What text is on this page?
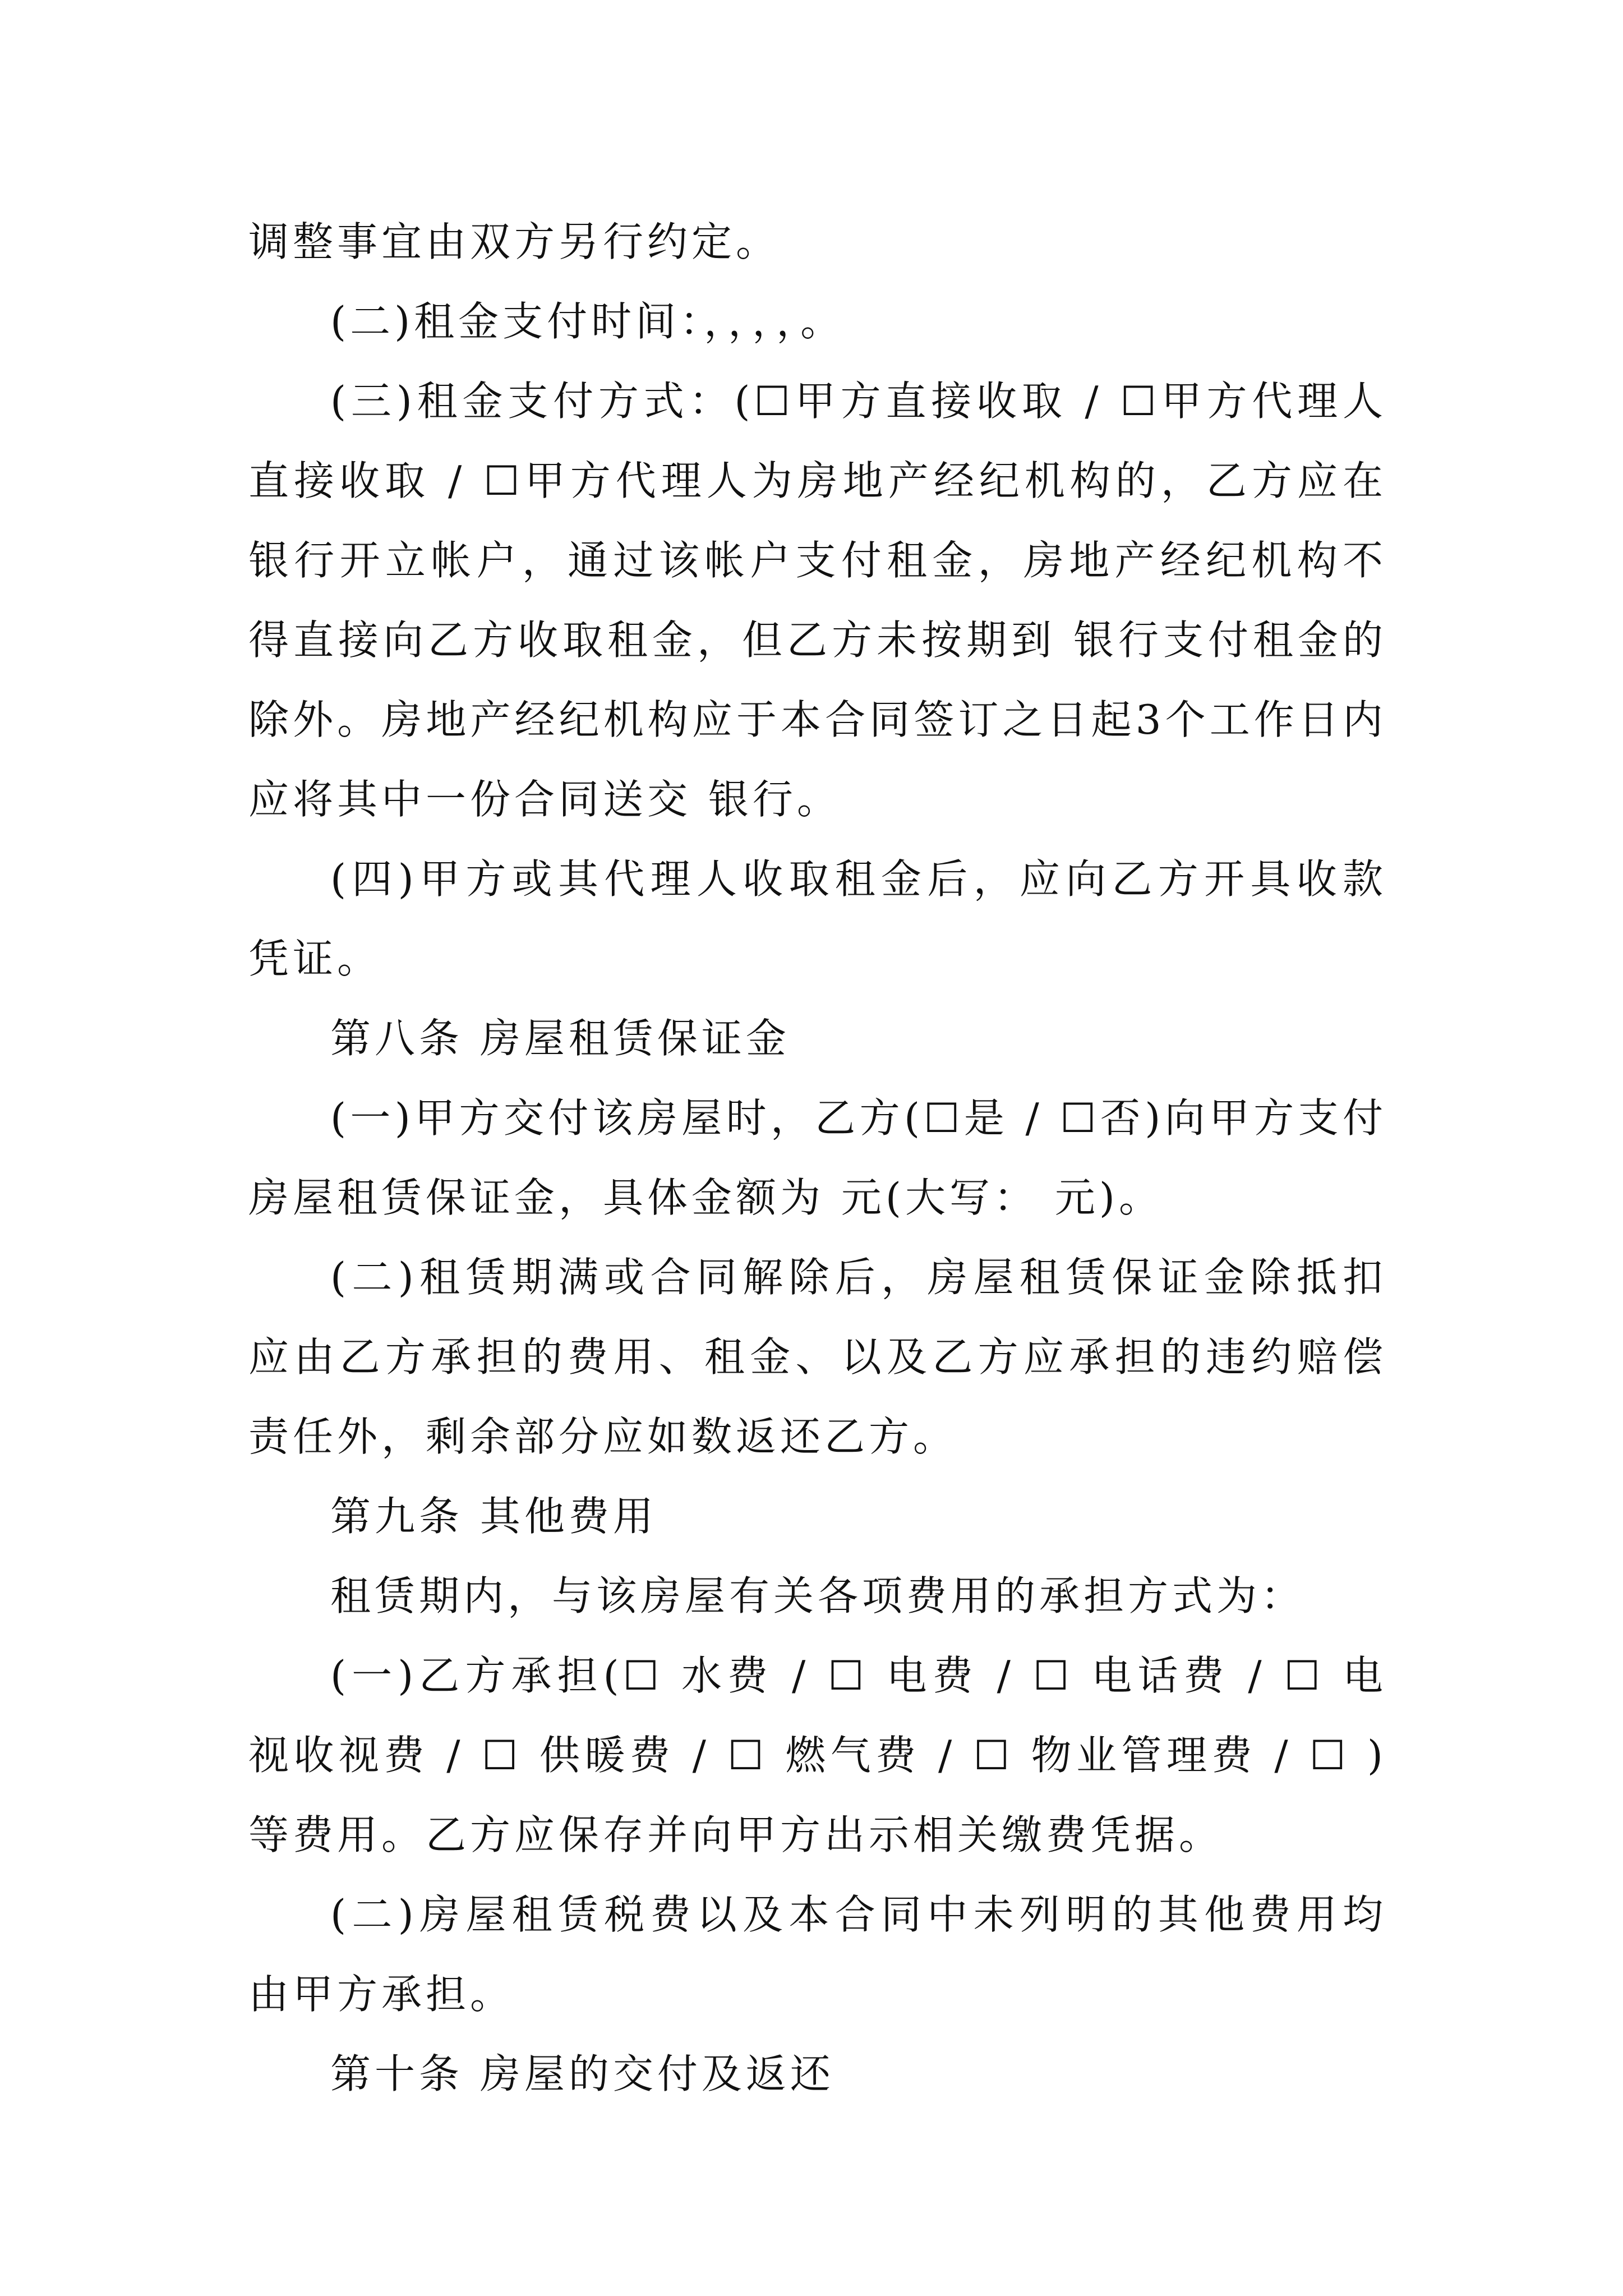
调整事宜由双方另行约定。

(二)租金支付时间：，，，，。

(三)租金支付方式：(☐甲方直接收取 / ☐甲方代理人直接收取 / ☐甲方代理人为房地产经纪机构的，乙方应在银行开立帐户，通过该帐户支付租金，房地产经纪机构不得直接向乙方收取租金，但乙方未按期到 银行支付租金的除外。房地产经纪机构应于本合同签订之日起3个工作日内应将其中一份合同送交 银行。

(四)甲方或其代理人收取租金后，应向乙方开具收款凭证。

第八条 房屋租赁保证金

(一)甲方交付该房屋时，乙方(☐是 / ☐否)向甲方支付房屋租赁保证金，具体金额为 元(大写： 元)。

(二)租赁期满或合同解除后，房屋租赁保证金除抵扣应由乙方承担的费用、租金、以及乙方应承担的违约赔偿责任外，剩余部分应如数返还乙方。

第九条 其他费用

租赁期内，与该房屋有关各项费用的承担方式为：

(一)乙方承担(☐ 水费 / ☐ 电费 / ☐ 电话费 / ☐ 电视收视费 / ☐ 供暖费 / ☐ 燃气费 / ☐ 物业管理费 / ☐ )等费用。乙方应保存并向甲方出示相关缴费凭据。

(二)房屋租赁税费以及本合同中未列明的其他费用均由甲方承担。

第十条 房屋的交付及返还
